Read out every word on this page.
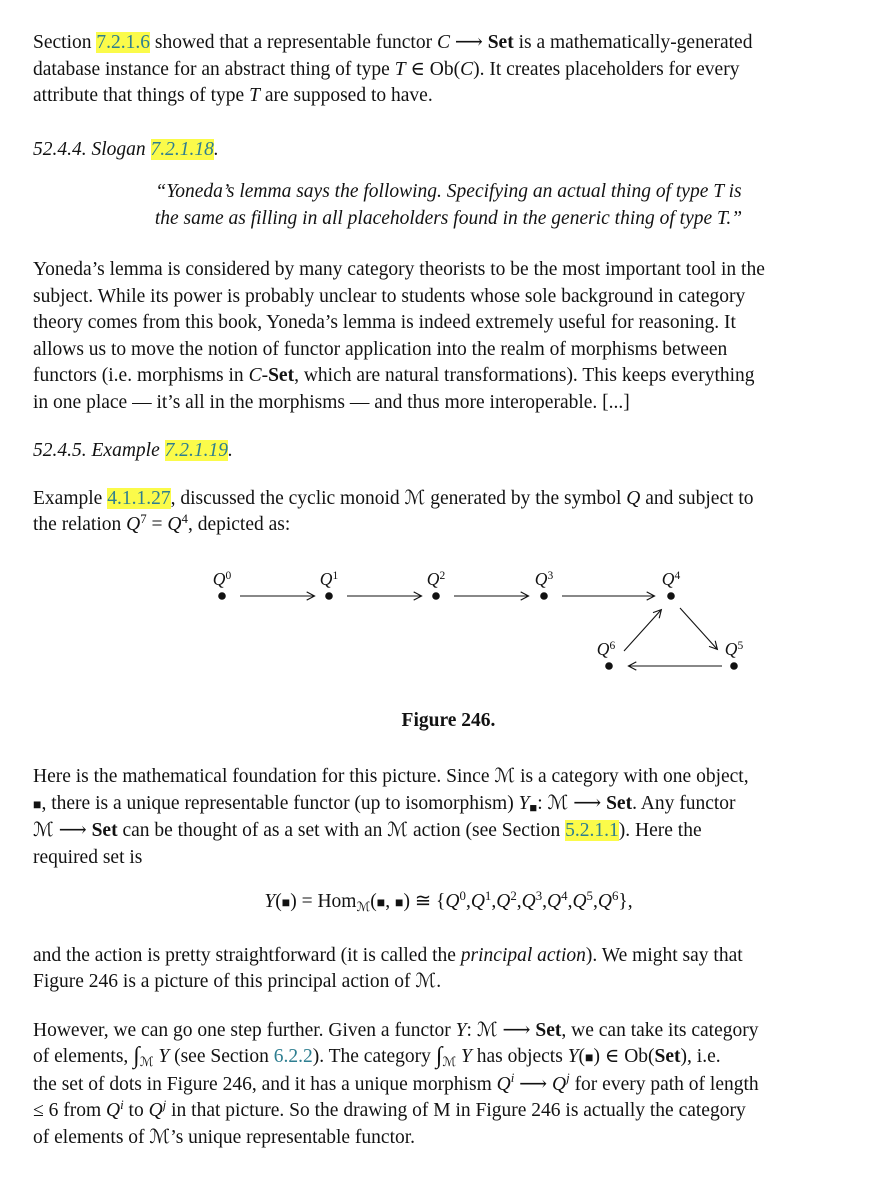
Section 7.2.1.6 showed that a representable functor C ⟶ Set is a mathematically-generated
database instance for an abstract thing of type T ∈ Ob(C). It creates placeholders for every
attribute that things of type T are supposed to have.

52.4.4. Slogan 7.2.1.18.

“Yoneda’s lemma says the following. Specifying an actual thing of type T is
the same as filling in all placeholders found in the generic thing of type T.”

Yoneda’s lemma is considered by many category theorists to be the most important tool in the
subject. While its power is probably unclear to students whose sole background in category
theory comes from this book, Yoneda’s lemma is indeed extremely useful for reasoning. It
allows us to move the notion of functor application into the realm of morphisms between
functors (i.e. morphisms in C-Set, which are natural transformations). This keeps everything
in one place — it’s all in the morphisms — and thus more interoperable. [...]

52.4.5. Example 7.2.1.19.

Example 4.1.1.27, discussed the cyclic monoid ℳ generated by the symbol Q and subject to
the relation $Q^7 = Q^4$, depicted as:

$Q^0$	$Q^1$	$Q^2$	$Q^3$	$Q^4$
$Q^6$	$Q^5$

Figure 246.

Here is the mathematical foundation for this picture. Since ℳ is a category with one object,
■, there is a unique representable functor (up to isomorphism) Y■: ℳ ⟶ Set. Any functor
ℳ ⟶ Set can be thought of as a set with an ℳ action (see Section 5.2.1.1). Here the
required set is

Y(■) = Homℳ(■, ■) ≅ $\{Q^0,Q^1,Q^2,Q^3,Q^4,Q^5,Q^6\}$,

and the action is pretty straightforward (it is called the principal action). We might say that
Figure 246 is a picture of this principal action of ℳ.

However, we can go one step further. Given a functor Y: ℳ ⟶ Set, we can take its category
of elements, ∫ℳ Y (see Section 6.2.2). The category ∫ℳ Y has objects Y(■) ∈ Ob(Set), i.e.
the set of dots in Figure 246, and it has a unique morphism $Q^i$ ⟶ $Q^j$ for every path of length
≤ 6 from $Q^i$ to $Q^j$ in that picture. So the drawing of M in Figure 246 is actually the category
of elements of ℳ’s unique representable functor.
